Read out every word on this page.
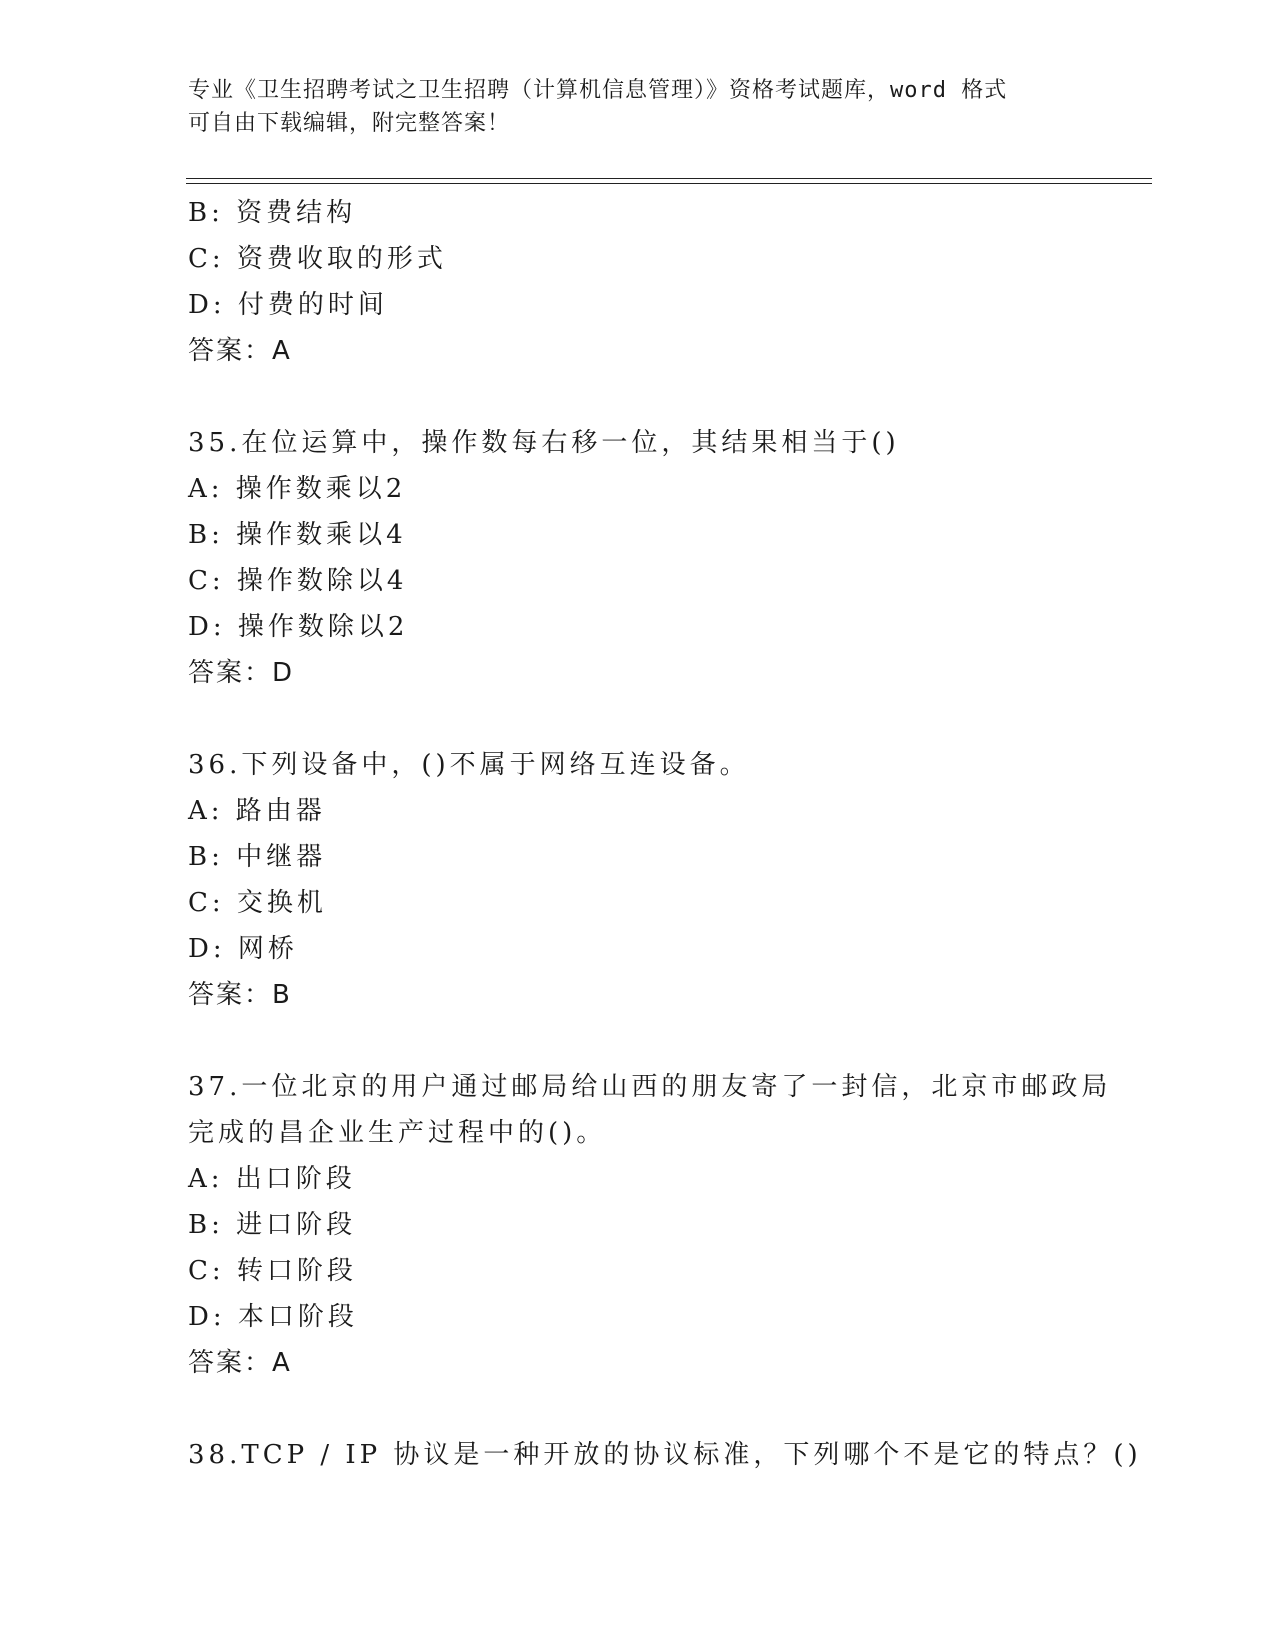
专业《卫生招聘考试之卫生招聘（计算机信息管理）》资格考试题库，word 格式
可自由下载编辑，附完整答案！
B: 资费结构
C: 资费收取的形式
D: 付费的时间
答案：A
35.在位运算中，操作数每右移一位，其结果相当于()
A: 操作数乘以2
B: 操作数乘以4
C: 操作数除以4
D: 操作数除以2
答案：D
36.下列设备中，()不属于网络互连设备。
A: 路由器
B: 中继器
C: 交换机
D: 网桥
答案：B
37.一位北京的用户通过邮局给山西的朋友寄了一封信，北京市邮政局
完成的昌企业生产过程中的()。
A: 出口阶段
B: 进口阶段
C: 转口阶段
D: 本口阶段
答案：A
38.TCP / IP 协议是一种开放的协议标准，下列哪个不是它的特点？()
